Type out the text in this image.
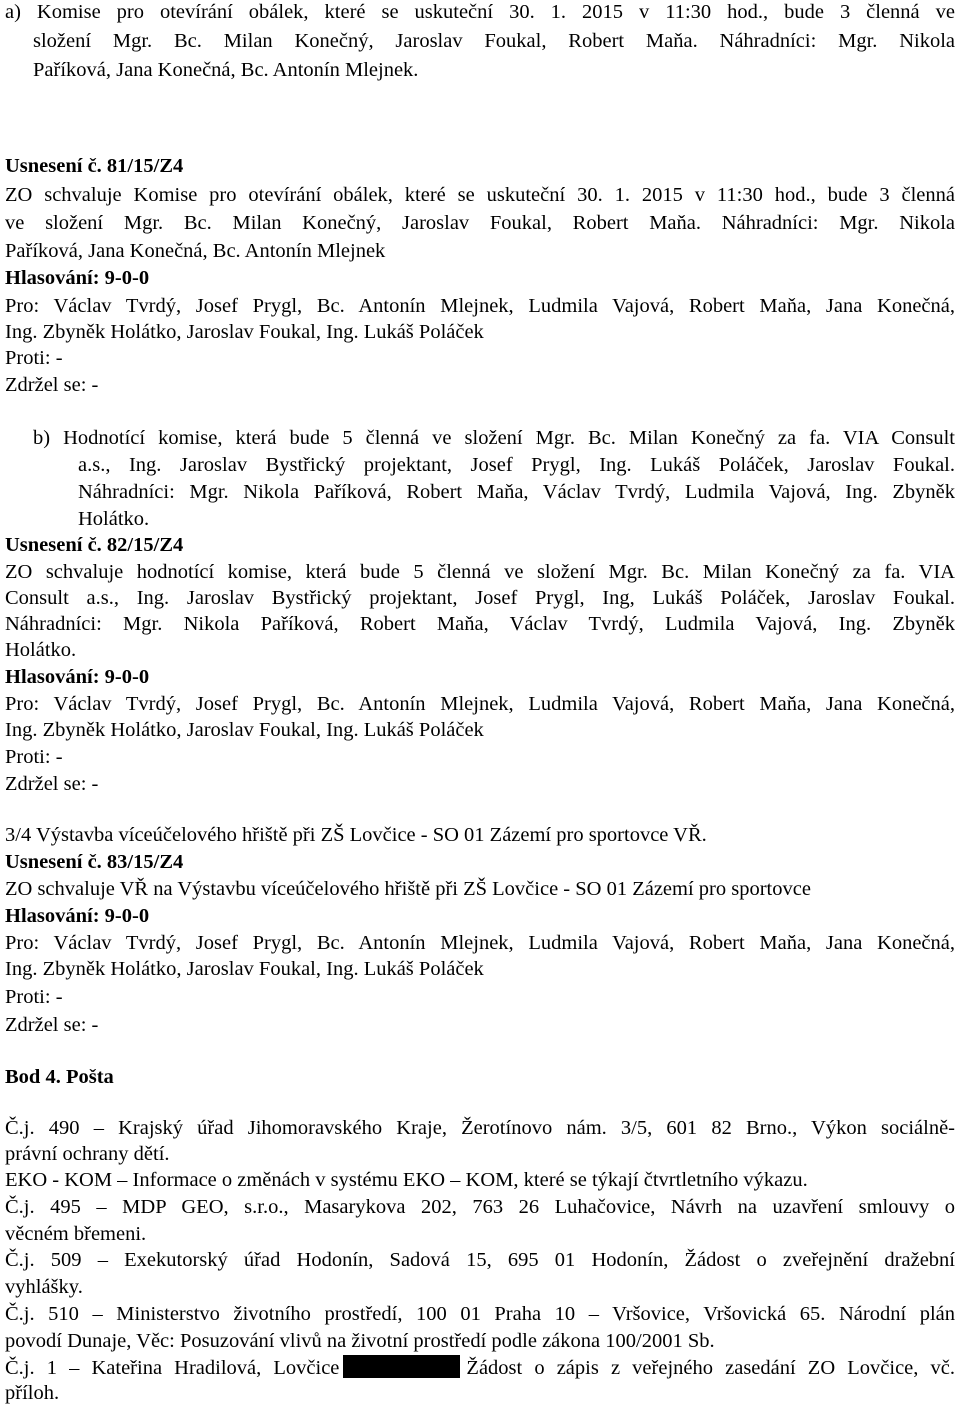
a) Komise pro otevírání obálek, které se uskuteční 30. 1. 2015 v 11:30 hod., bude 3 členná ve
složení Mgr. Bc. Milan Konečný, Jaroslav Foukal, Robert Maňa. Náhradníci: Mgr. Nikola
Paříková, Jana Konečná, Bc. Antonín Mlejnek.
Usnesení č. 81/15/Z4
ZO schvaluje Komise pro otevírání obálek, které se uskuteční 30. 1. 2015 v 11:30 hod., bude 3 členná
ve složení Mgr. Bc. Milan Konečný, Jaroslav Foukal, Robert Maňa. Náhradníci: Mgr. Nikola
Paříková, Jana Konečná, Bc. Antonín Mlejnek
Hlasování: 9-0-0
Pro: Václav Tvrdý, Josef Prygl, Bc. Antonín Mlejnek, Ludmila Vajová, Robert Maňa, Jana Konečná,
Ing. Zbyněk Holátko, Jaroslav Foukal, Ing. Lukáš Poláček
Proti: -
Zdržel se: -
b) Hodnotící komise, která bude 5 členná ve složení Mgr. Bc. Milan Konečný za fa. VIA Consult
a.s., Ing. Jaroslav Bystřický projektant, Josef Prygl, Ing. Lukáš Poláček, Jaroslav Foukal.
Náhradníci: Mgr. Nikola Paříková, Robert Maňa, Václav Tvrdý, Ludmila Vajová, Ing. Zbyněk
Holátko.
Usnesení č. 82/15/Z4
ZO schvaluje hodnotící komise, která bude 5 členná ve složení Mgr. Bc. Milan Konečný za fa. VIA
Consult a.s., Ing. Jaroslav Bystřický projektant, Josef Prygl, Ing, Lukáš Poláček, Jaroslav Foukal.
Náhradníci: Mgr. Nikola Paříková, Robert Maňa, Václav Tvrdý, Ludmila Vajová, Ing. Zbyněk
Holátko.
Hlasování: 9-0-0
Pro: Václav Tvrdý, Josef Prygl, Bc. Antonín Mlejnek, Ludmila Vajová, Robert Maňa, Jana Konečná,
Ing. Zbyněk Holátko, Jaroslav Foukal, Ing. Lukáš Poláček
Proti: -
Zdržel se: -
3/4 Výstavba víceúčelového hřiště při ZŠ Lovčice - SO 01 Zázemí pro sportovce VŘ.
Usnesení č. 83/15/Z4
ZO schvaluje VŘ na Výstavbu víceúčelového hřiště při ZŠ Lovčice - SO 01 Zázemí pro sportovce
Hlasování: 9-0-0
Pro: Václav Tvrdý, Josef Prygl, Bc. Antonín Mlejnek, Ludmila Vajová, Robert Maňa, Jana Konečná,
Ing. Zbyněk Holátko, Jaroslav Foukal, Ing. Lukáš Poláček
Proti: -
Zdržel se: -
Bod 4. Pošta
Č.j. 490 – Krajský úřad Jihomoravského Kraje, Žerotínovo nám. 3/5, 601 82 Brno., Výkon sociálně-
právní ochrany dětí.
EKO - KOM – Informace o změnách v systému EKO – KOM, které se týkají čtvrtletního výkazu.
Č.j. 495 – MDP GEO, s.r.o., Masarykova 202, 763 26 Luhačovice, Návrh na uzavření smlouvy o
věcném břemeni.
Č.j. 509 – Exekutorský úřad Hodonín, Sadová 15, 695 01 Hodonín, Žádost o zveřejnění dražební
vyhlášky.
Č.j. 510 – Ministerstvo životního prostředí, 100 01 Praha 10 – Vršovice, Vršovická 65. Národní plán
povodí Dunaje, Věc: Posuzování vlivů na životní prostředí podle zákona 100/2001 Sb.
Č.j. 1 – Kateřina Hradilová, Lovčice	Žádost o zápis z veřejného zasedání ZO Lovčice, vč.
příloh.
